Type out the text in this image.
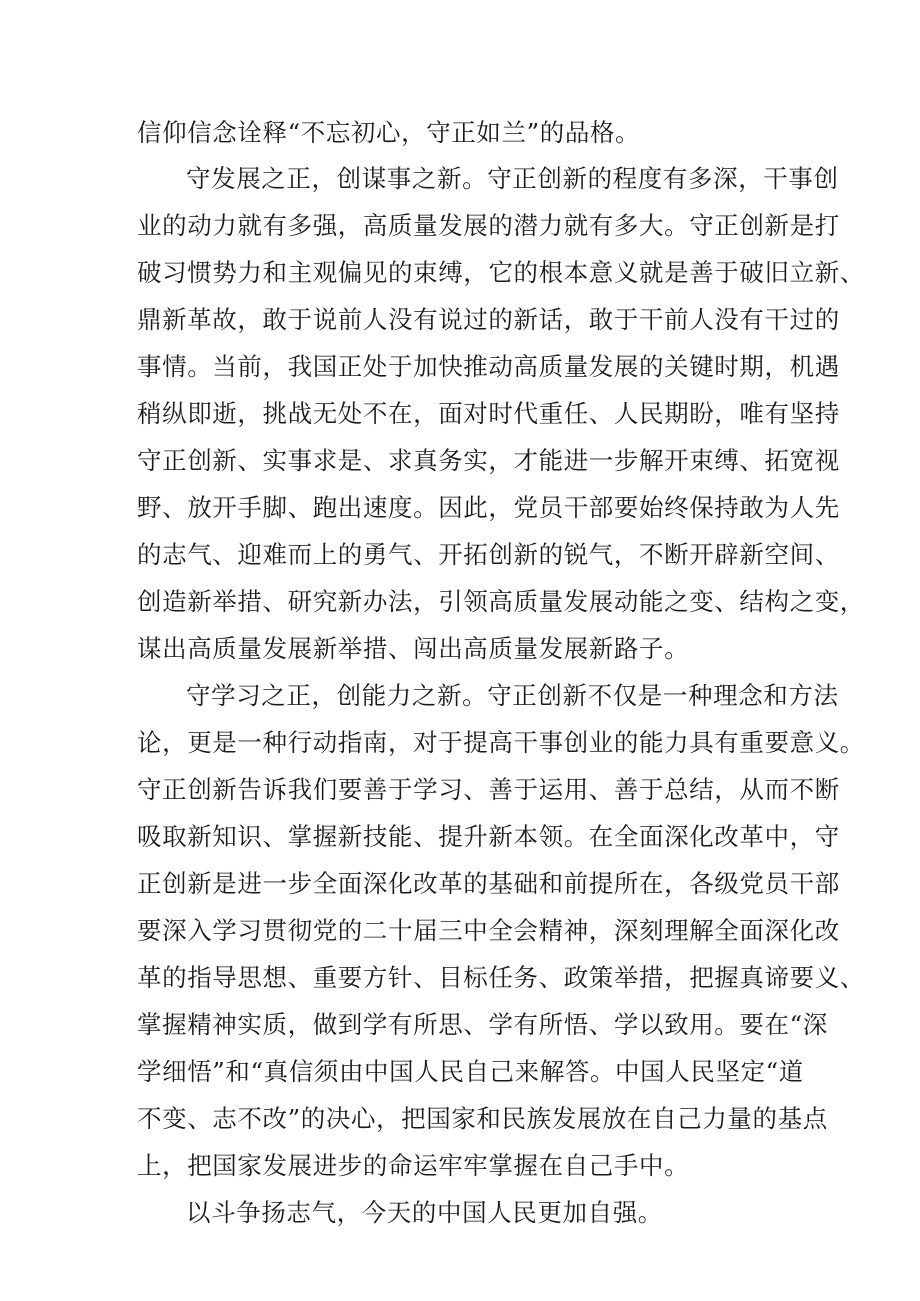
信仰信念诠释“不忘初心，守正如兰”的品格。
守发展之正，创谋事之新。守正创新的程度有多深，干事创
业的动力就有多强，高质量发展的潜力就有多大。守正创新是打
破习惯势力和主观偏见的束缚，它的根本意义就是善于破旧立新、
鼎新革故，敢于说前人没有说过的新话，敢于干前人没有干过的
事情。当前，我国正处于加快推动高质量发展的关键时期，机遇
稍纵即逝，挑战无处不在，面对时代重任、人民期盼，唯有坚持
守正创新、实事求是、求真务实，才能进一步解开束缚、拓宽视
野、放开手脚、跑出速度。因此，党员干部要始终保持敢为人先
的志气、迎难而上的勇气、开拓创新的锐气，不断开辟新空间、
创造新举措、研究新办法，引领高质量发展动能之变、结构之变，
谋出高质量发展新举措、闯出高质量发展新路子。
守学习之正，创能力之新。守正创新不仅是一种理念和方法
论，更是一种行动指南，对于提高干事创业的能力具有重要意义。
守正创新告诉我们要善于学习、善于运用、善于总结，从而不断
吸取新知识、掌握新技能、提升新本领。在全面深化改革中，守
正创新是进一步全面深化改革的基础和前提所在，各级党员干部
要深入学习贯彻党的二十届三中全会精神，深刻理解全面深化改
革的指导思想、重要方针、目标任务、政策举措，把握真谛要义、
掌握精神实质，做到学有所思、学有所悟、学以致用。要在“深
学细悟”和“真信须由中国人民自己来解答。中国人民坚定“道
不变、志不改”的决心，把国家和民族发展放在自己力量的基点
上，把国家发展进步的命运牢牢掌握在自己手中。
以斗争扬志气，今天的中国人民更加自强。
